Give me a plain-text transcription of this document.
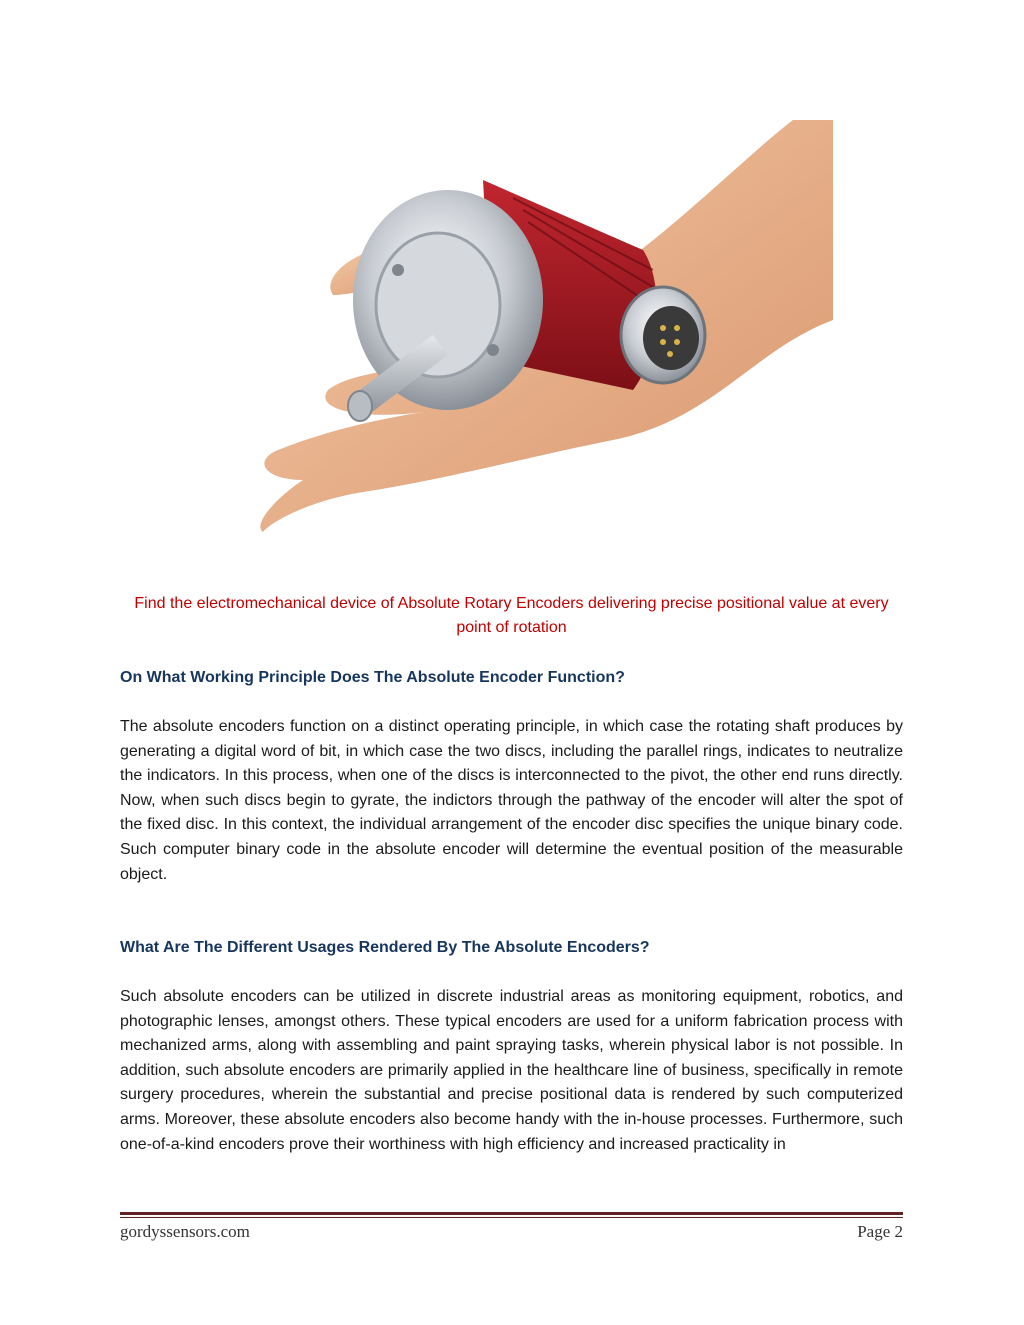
Find the electromechanical device of Absolute Rotary Encoders delivering precise positional value at every point of rotation
On What Working Principle Does The Absolute Encoder Function?

The absolute encoders function on a distinct operating principle, in which case the rotating shaft produces by generating a digital word of bit, in which case the two discs, including the parallel rings, indicates to neutralize the indicators. In this process, when one of the discs is interconnected to the pivot, the other end runs directly. Now, when such discs begin to gyrate, the indictors through the pathway of the encoder will alter the spot of the fixed disc. In this context, the individual arrangement of the encoder disc specifies the unique binary code. Such computer binary code in the absolute encoder will determine the eventual position of the measurable object.

What Are The Different Usages Rendered By The Absolute Encoders?

Such absolute encoders can be utilized in discrete industrial areas as monitoring equipment, robotics, and photographic lenses, amongst others. These typical encoders are used for a uniform fabrication process with mechanized arms, along with assembling and paint spraying tasks, wherein physical labor is not possible. In addition, such absolute encoders are primarily applied in the healthcare line of business, specifically in remote surgery procedures, wherein the substantial and precise positional data is rendered by such computerized arms. Moreover, these absolute encoders also become handy with the in-house processes. Furthermore, such one-of-a-kind encoders prove their worthiness with high efficiency and increased practicality in

gordyssensors.com	Page 2
